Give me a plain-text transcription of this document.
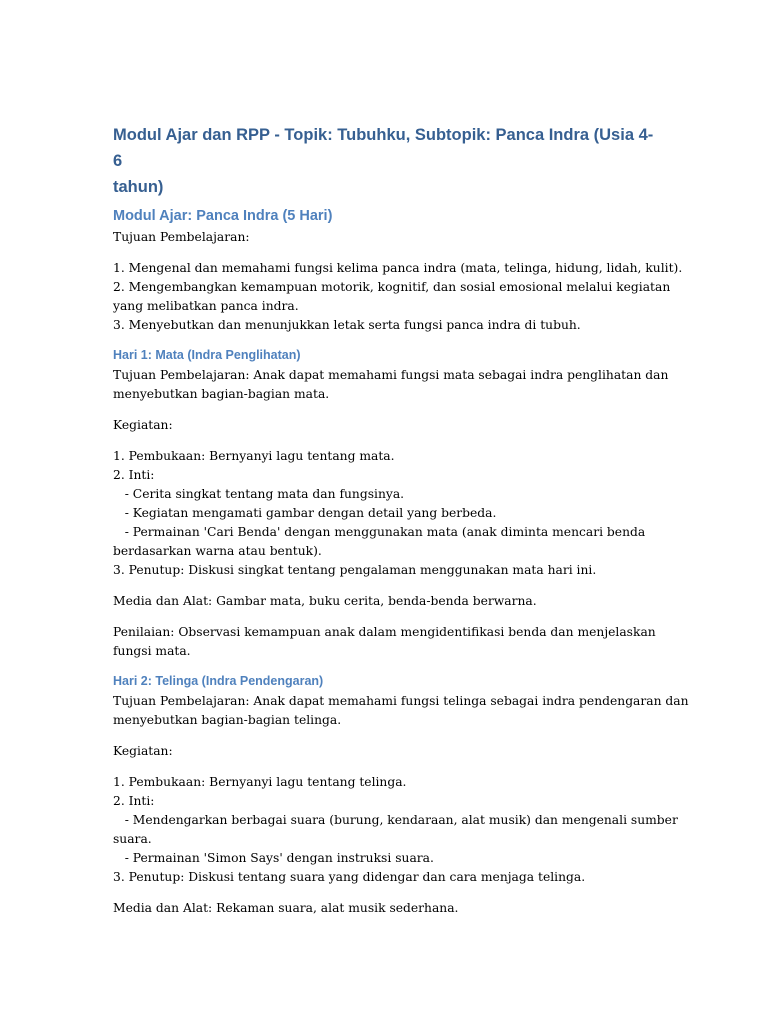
Modul Ajar dan RPP - Topik: Tubuhku, Subtopik: Panca Indra (Usia 4-6
tahun)
Modul Ajar: Panca Indra (5 Hari)
Tujuan Pembelajaran:
1. Mengenal dan memahami fungsi kelima panca indra (mata, telinga, hidung, lidah, kulit).
2. Mengembangkan kemampuan motorik, kognitif, dan sosial emosional melalui kegiatan
yang melibatkan panca indra.
3. Menyebutkan dan menunjukkan letak serta fungsi panca indra di tubuh.
Hari 1: Mata (Indra Penglihatan)
Tujuan Pembelajaran: Anak dapat memahami fungsi mata sebagai indra penglihatan dan
menyebutkan bagian-bagian mata.
Kegiatan:
1. Pembukaan: Bernyanyi lagu tentang mata.
2. Inti:
- Cerita singkat tentang mata dan fungsinya.
- Kegiatan mengamati gambar dengan detail yang berbeda.
- Permainan 'Cari Benda' dengan menggunakan mata (anak diminta mencari benda
berdasarkan warna atau bentuk).
3. Penutup: Diskusi singkat tentang pengalaman menggunakan mata hari ini.
Media dan Alat: Gambar mata, buku cerita, benda-benda berwarna.
Penilaian: Observasi kemampuan anak dalam mengidentifikasi benda dan menjelaskan
fungsi mata.
Hari 2: Telinga (Indra Pendengaran)
Tujuan Pembelajaran: Anak dapat memahami fungsi telinga sebagai indra pendengaran dan
menyebutkan bagian-bagian telinga.
Kegiatan:
1. Pembukaan: Bernyanyi lagu tentang telinga.
2. Inti:
- Mendengarkan berbagai suara (burung, kendaraan, alat musik) dan mengenali sumber
suara.
- Permainan 'Simon Says' dengan instruksi suara.
3. Penutup: Diskusi tentang suara yang didengar dan cara menjaga telinga.
Media dan Alat: Rekaman suara, alat musik sederhana.
